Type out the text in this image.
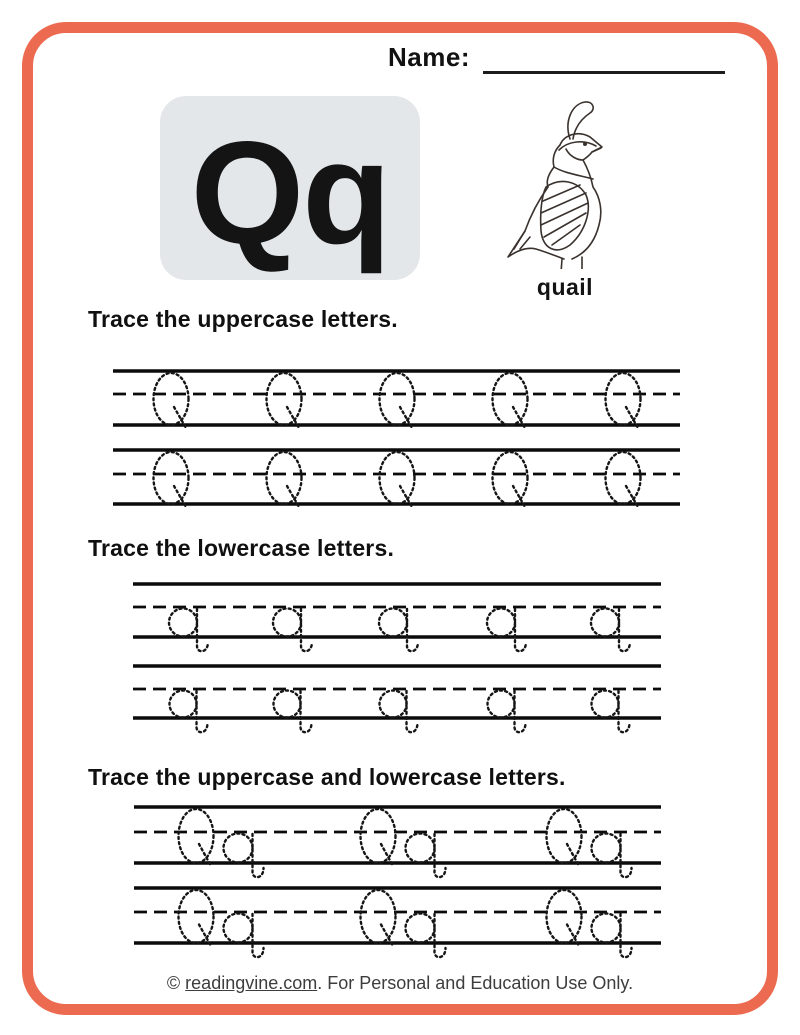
Name:
Qq
quail
Trace the uppercase letters.
Trace the lowercase letters.
Trace the uppercase and lowercase letters.
© readingvine.com. For Personal and Education Use Only.
